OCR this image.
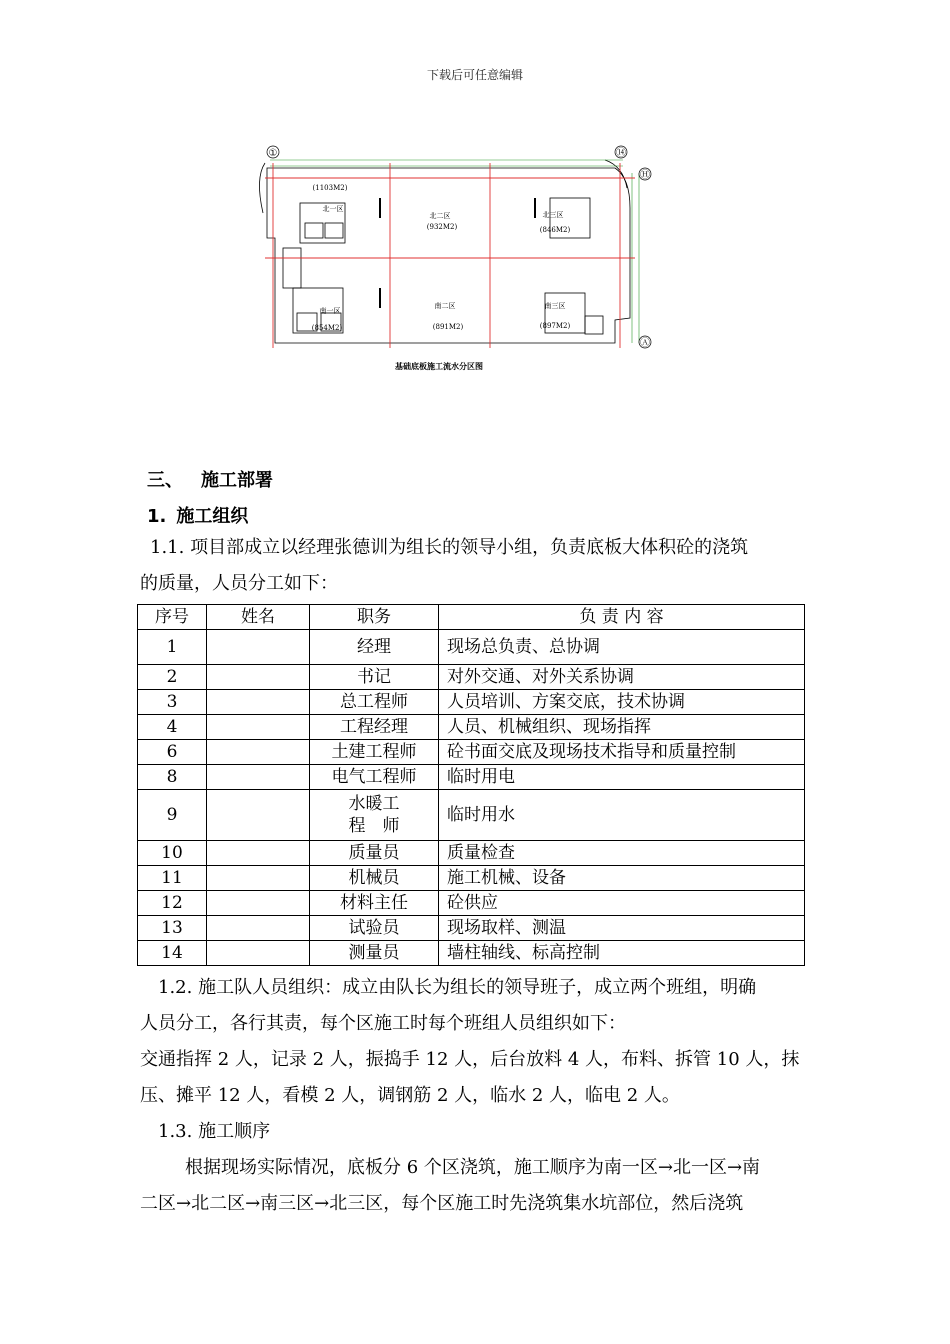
下载后可任意编辑
①	⑭
Ⓗ
Ⓐ
(1103M2)
北一区
北二区
(932M2)
北三区
(846M2)
南一区
(854M2)
南二区
(891M2)
南三区
(897M2)
基础底板施工流水分区图
三、 施工部署
1. 施工组织

1.1. 项目部成立以经理张德训为组长的领导小组，负责底板大体积砼的浇筑

的质量，人员分工如下：

序号	姓名	职务	负 责 内 容
1		经理	现场总负责、总协调
2		书记	对外交通、对外关系协调
3		总工程师	人员培训、方案交底，技术协调
4		工程经理	人员、机械组织、现场指挥
6		土建工程师	砼书面交底及现场技术指导和质量控制
8		电气工程师	临时用电
9		水暖工
程　师	临时用水
10		质量员	质量检查
11		机械员	施工机械、设备
12		材料主任	砼供应
13		试验员	现场取样、测温
14		测量员	墙柱轴线、标高控制

1.2. 施工队人员组织：成立由队长为组长的领导班子，成立两个班组，明确

人员分工，各行其责，每个区施工时每个班组人员组织如下：

交通指挥 2 人，记录 2 人，振捣手 12 人，后台放料 4 人，布料、拆管 10 人，抹

压、摊平 12 人，看模 2 人，调钢筋 2 人，临水 2 人，临电 2 人。

1.3. 施工顺序

根据现场实际情况，底板分 6 个区浇筑，施工顺序为南一区→北一区→南

二区→北二区→南三区→北三区，每个区施工时先浇筑集水坑部位，然后浇筑
